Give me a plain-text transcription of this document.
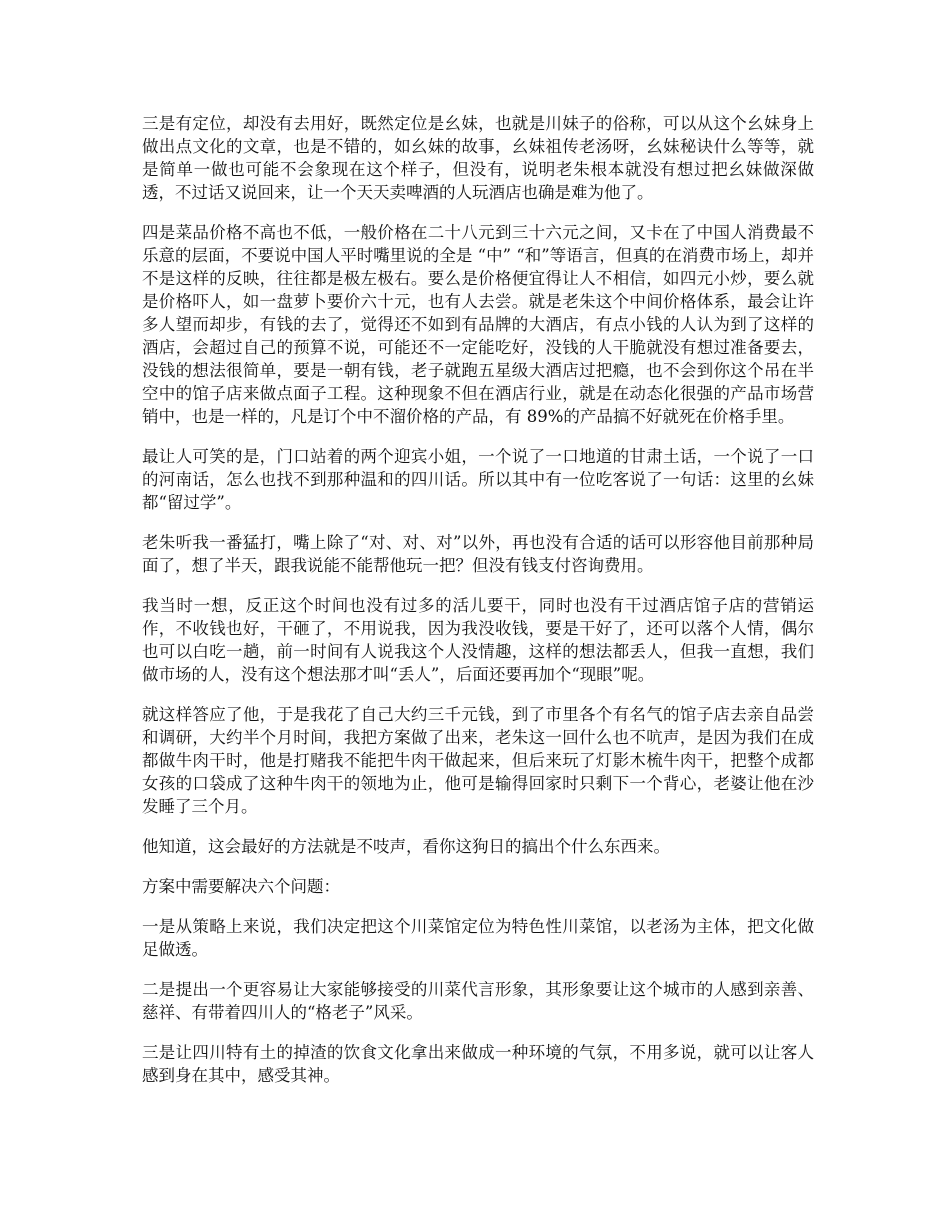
三是有定位，却没有去用好，既然定位是幺妹，也就是川妹子的俗称，可以从这个幺妹身上做出点文化的文章，也是不错的，如幺妹的故事，幺妹祖传老汤呀，幺妹秘诀什么等等，就是简单一做也可能不会象现在这个样子，但没有，说明老朱根本就没有想过把幺妹做深做透，不过话又说回来，让一个天天卖啤酒的人玩酒店也确是难为他了。

四是菜品价格不高也不低，一般价格在二十八元到三十六元之间，又卡在了中国人消费最不乐意的层面，不要说中国人平时嘴里说的全是 “中” “和”等语言，但真的在消费市场上，却并不是这样的反映，往往都是极左极右。要么是价格便宜得让人不相信，如四元小炒，要么就是价格吓人，如一盘萝卜要价六十元，也有人去尝。就是老朱这个中间价格体系，最会让许多人望而却步，有钱的去了，觉得还不如到有品牌的大酒店，有点小钱的人认为到了这样的酒店，会超过自己的预算不说，可能还不一定能吃好，没钱的人干脆就没有想过准备要去，没钱的想法很简单，要是一朝有钱，老子就跑五星级大酒店过把瘾，也不会到你这个吊在半空中的馆子店来做点面子工程。这种现象不但在酒店行业，就是在动态化很强的产品市场营销中，也是一样的，凡是订个中不溜价格的产品，有 89%的产品搞不好就死在价格手里。

最让人可笑的是，门口站着的两个迎宾小姐，一个说了一口地道的甘肃土话，一个说了一口的河南话，怎么也找不到那种温和的四川话。所以其中有一位吃客说了一句话：这里的幺妹都“留过学”。

老朱听我一番猛打，嘴上除了“对、对、对”以外，再也没有合适的话可以形容他目前那种局面了，想了半天，跟我说能不能帮他玩一把？但没有钱支付咨询费用。

我当时一想，反正这个时间也没有过多的活儿要干，同时也没有干过酒店馆子店的营销运作，不收钱也好，干砸了，不用说我，因为我没收钱，要是干好了，还可以落个人情，偶尔也可以白吃一趟，前一时间有人说我这个人没情趣，这样的想法都丢人，但我一直想，我们做市场的人，没有这个想法那才叫“丢人”，后面还要再加个“现眼”呢。

就这样答应了他，于是我花了自己大约三千元钱，到了市里各个有名气的馆子店去亲自品尝和调研，大约半个月时间，我把方案做了出来，老朱这一回什么也不吭声，是因为我们在成都做牛肉干时，他是打赌我不能把牛肉干做起来，但后来玩了灯影木梳牛肉干，把整个成都女孩的口袋成了这种牛肉干的领地为止，他可是输得回家时只剩下一个背心，老婆让他在沙发睡了三个月。

他知道，这会最好的方法就是不吱声，看你这狗日的搞出个什么东西来。

方案中需要解决六个问题：

一是从策略上来说，我们决定把这个川菜馆定位为特色性川菜馆，以老汤为主体，把文化做足做透。

二是提出一个更容易让大家能够接受的川菜代言形象，其形象要让这个城市的人感到亲善、慈祥、有带着四川人的“格老子”风采。

三是让四川特有土的掉渣的饮食文化拿出来做成一种环境的气氛，不用多说，就可以让客人感到身在其中，感受其神。
